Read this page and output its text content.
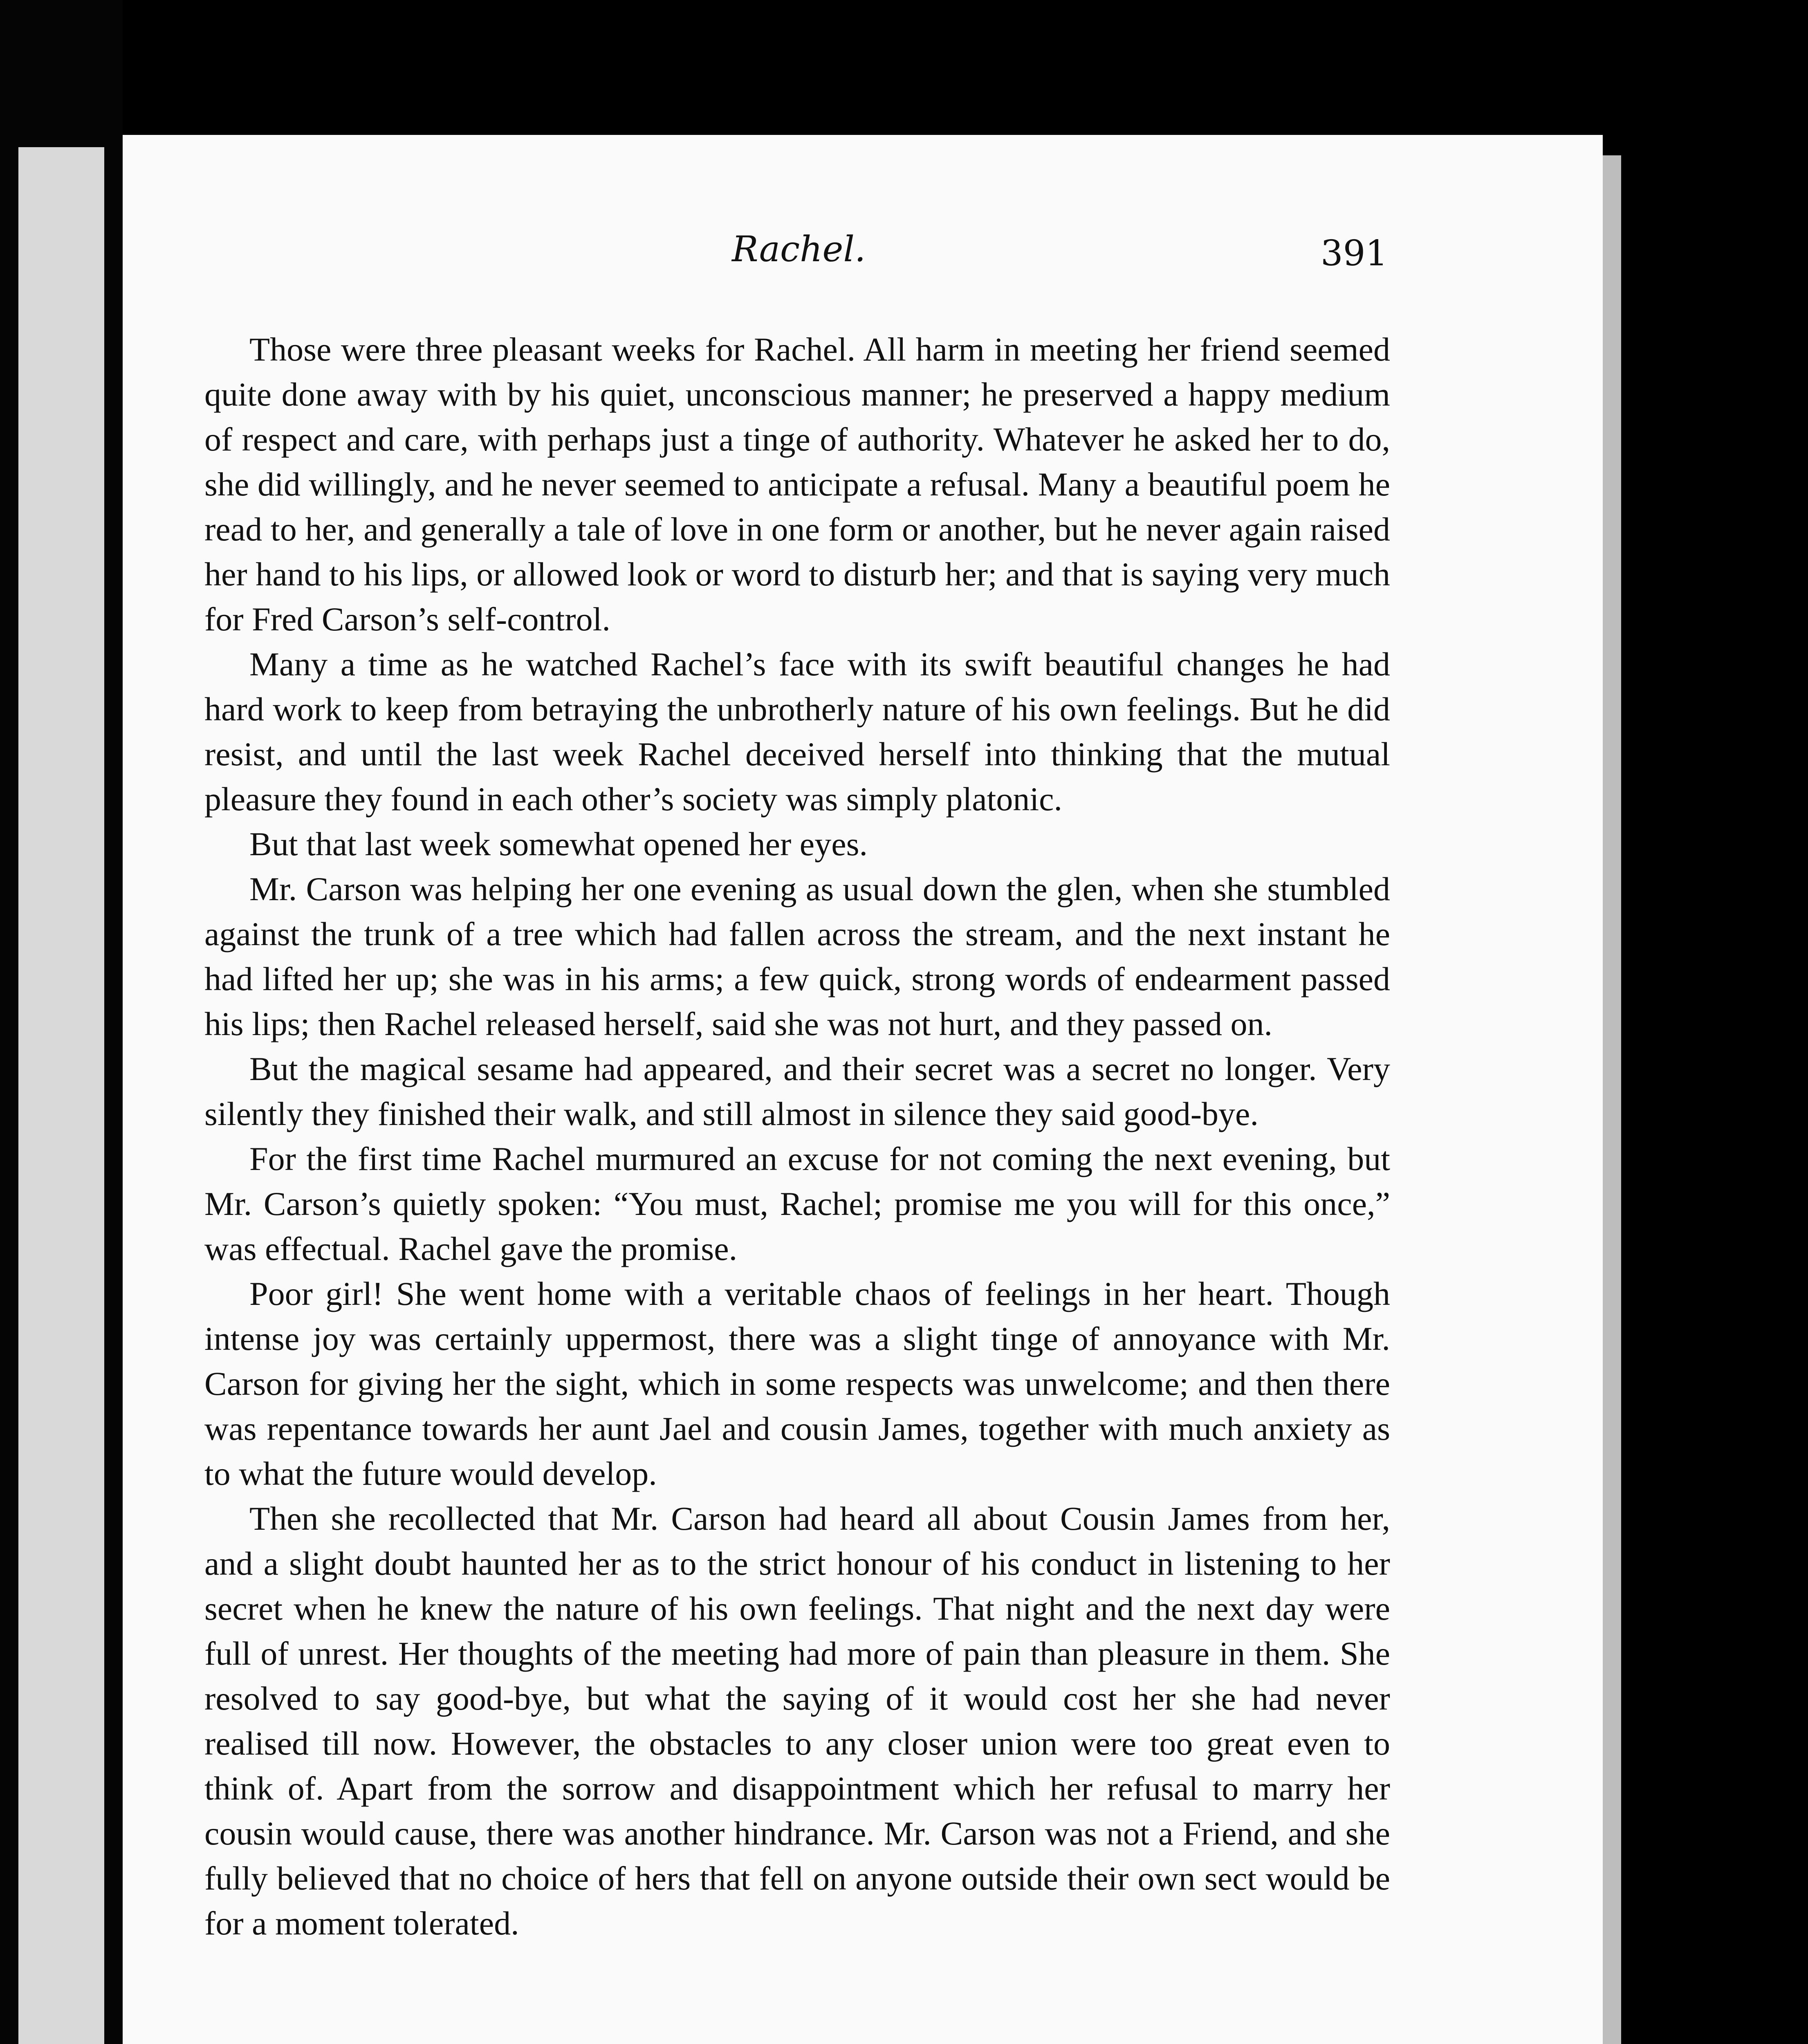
Rachel.	391

Those were three pleasant weeks for Rachel. All harm in meeting her friend seemed quite done away with by his quiet, unconscious manner; he preserved a happy medium of respect and care, with perhaps just a tinge of authority. Whatever he asked her to do, she did willingly, and he never seemed to anticipate a refusal. Many a beautiful poem he read to her, and generally a tale of love in one form or another, but he never again raised her hand to his lips, or allowed look or word to disturb her; and that is saying very much for Fred Carson’s self-control.

Many a time as he watched Rachel’s face with its swift beautiful changes he had hard work to keep from betraying the unbrotherly nature of his own feelings. But he did resist, and until the last week Rachel deceived herself into thinking that the mutual pleasure they found in each other’s society was simply platonic.

But that last week somewhat opened her eyes.

Mr. Carson was helping her one evening as usual down the glen, when she stumbled against the trunk of a tree which had fallen across the stream, and the next instant he had lifted her up; she was in his arms; a few quick, strong words of endearment passed his lips; then Rachel released herself, said she was not hurt, and they passed on.

But the magical sesame had appeared, and their secret was a secret no longer. Very silently they finished their walk, and still almost in silence they said good-bye.

For the first time Rachel murmured an excuse for not coming the next evening, but Mr. Carson’s quietly spoken: “You must, Rachel; promise me you will for this once,” was effectual. Rachel gave the promise.

Poor girl! She went home with a veritable chaos of feelings in her heart. Though intense joy was certainly uppermost, there was a slight tinge of annoyance with Mr. Carson for giving her the sight, which in some respects was unwelcome; and then there was repentance towards her aunt Jael and cousin James, together with much anxiety as to what the future would develop.

Then she recollected that Mr. Carson had heard all about Cousin James from her, and a slight doubt haunted her as to the strict honour of his conduct in listening to her secret when he knew the nature of his own feelings. That night and the next day were full of unrest. Her thoughts of the meeting had more of pain than pleasure in them. She resolved to say good-bye, but what the saying of it would cost her she had never realised till now. However, the obstacles to any closer union were too great even to think of. Apart from the sorrow and disappointment which her refusal to marry her cousin would cause, there was another hindrance. Mr. Carson was not a Friend, and she fully believed that no choice of hers that fell on anyone outside their own sect would be for a moment tolerated.
